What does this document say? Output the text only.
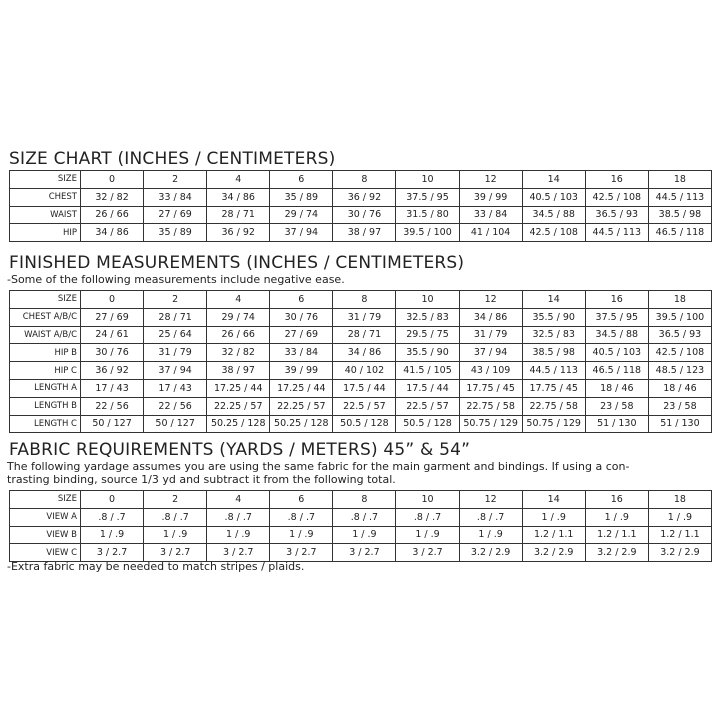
SIZE CHART (INCHES / CENTIMETERS)
SIZE	0	2	4	6	8	10	12	14	16	18
CHEST	32 / 82	33 / 84	34 / 86	35 / 89	36 / 92	37.5 / 95	39 / 99	40.5 / 103	42.5 / 108	44.5 / 113
WAIST	26 / 66	27 / 69	28 / 71	29 / 74	30 / 76	31.5 / 80	33 / 84	34.5 / 88	36.5 / 93	38.5 / 98
HIP	34 / 86	35 / 89	36 / 92	37 / 94	38 / 97	39.5 / 100	41 / 104	42.5 / 108	44.5 / 113	46.5 / 118
FINISHED MEASUREMENTS (INCHES / CENTIMETERS)
-Some of the following measurements include negative ease.
SIZE	0	2	4	6	8	10	12	14	16	18
CHEST A/B/C	27 / 69	28 / 71	29 / 74	30 / 76	31 / 79	32.5 / 83	34 / 86	35.5 / 90	37.5 / 95	39.5 / 100
WAIST A/B/C	24 / 61	25 / 64	26 / 66	27 / 69	28 / 71	29.5 / 75	31 / 79	32.5 / 83	34.5 / 88	36.5 / 93
HIP B	30 / 76	31 / 79	32 / 82	33 / 84	34 / 86	35.5 / 90	37 / 94	38.5 / 98	40.5 / 103	42.5 / 108
HIP C	36 / 92	37 / 94	38 / 97	39 / 99	40 / 102	41.5 / 105	43 / 109	44.5 / 113	46.5 / 118	48.5 / 123
LENGTH A	17 / 43	17 / 43	17.25 / 44	17.25 / 44	17.5 / 44	17.5 / 44	17.75 / 45	17.75 / 45	18 / 46	18 / 46
LENGTH B	22 / 56	22 / 56	22.25 / 57	22.25 / 57	22.5 / 57	22.5 / 57	22.75 / 58	22.75 / 58	23 / 58	23 / 58
LENGTH C	50 / 127	50 / 127	50.25 / 128	50.25 / 128	50.5 / 128	50.5 / 128	50.75 / 129	50.75 / 129	51 / 130	51 / 130
FABRIC REQUIREMENTS (YARDS / METERS) 45” & 54”
The following yardage assumes you are using the same fabric for the main garment and bindings. If using a con-
trasting binding, source 1/3 yd and subtract it from the following total.
SIZE	0	2	4	6	8	10	12	14	16	18
VIEW A	.8 / .7	.8 / .7	.8 / .7	.8 / .7	.8 / .7	.8 / .7	.8 / .7	1 / .9	1 / .9	1 / .9
VIEW B	1 / .9	1 / .9	1 / .9	1 / .9	1 / .9	1 / .9	1 / .9	1.2 / 1.1	1.2 / 1.1	1.2 / 1.1
VIEW C	3 / 2.7	3 / 2.7	3 / 2.7	3 / 2.7	3 / 2.7	3 / 2.7	3.2 / 2.9	3.2 / 2.9	3.2 / 2.9	3.2 / 2.9
-Extra fabric may be needed to match stripes / plaids.
